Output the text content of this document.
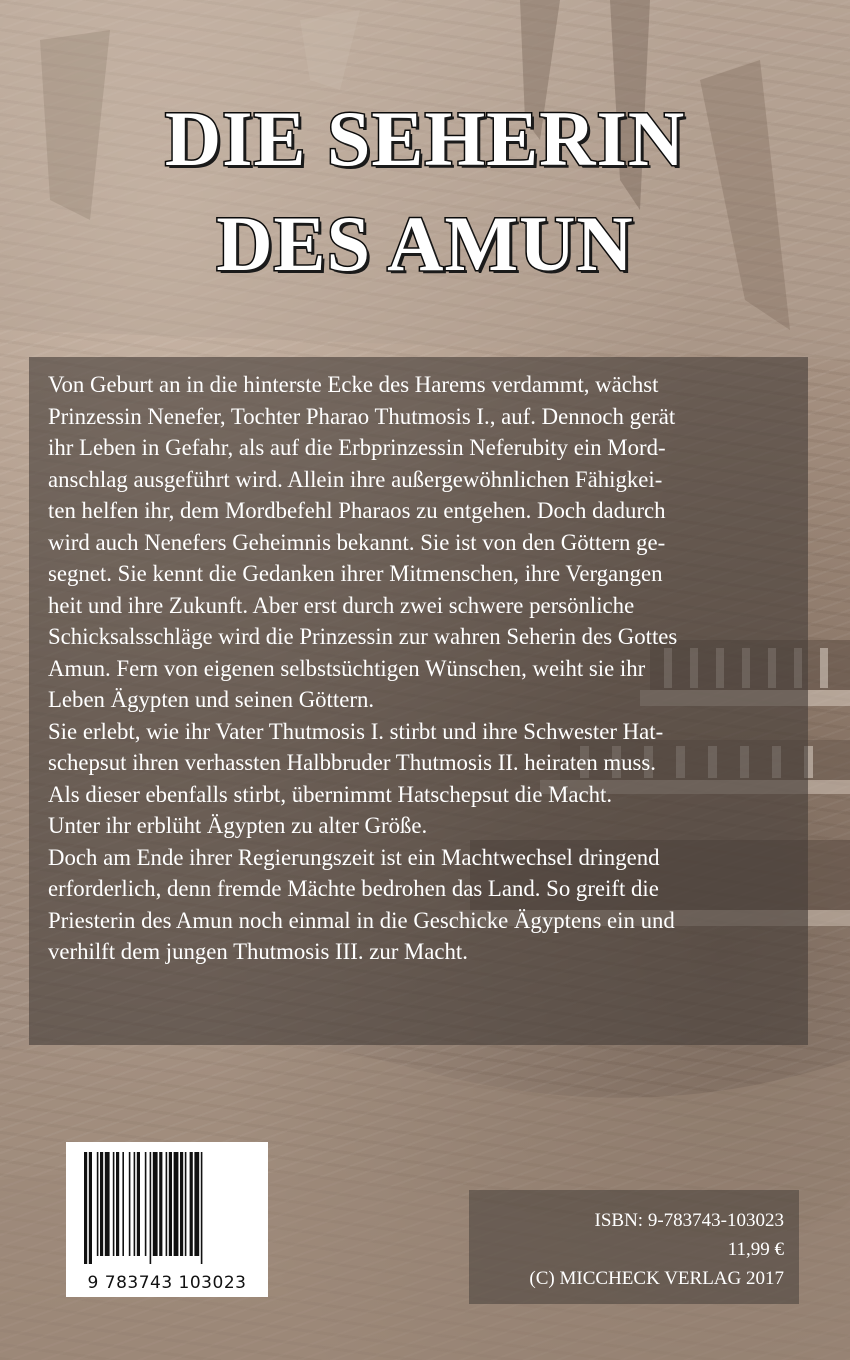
DIE SEHERIN
DES AMUN

Von Geburt an in die hinterste Ecke des Harems verdammt, wächst

Prinzessin Nenefer, Tochter Pharao Thutmosis I., auf. Dennoch gerät

ihr Leben in Gefahr, als auf die Erbprinzessin Neferubity ein Mord-

anschlag ausgeführt wird. Allein ihre außergewöhnlichen Fähigkei-

ten helfen ihr, dem Mordbefehl Pharaos zu entgehen. Doch dadurch

wird auch Nenefers Geheimnis bekannt. Sie ist von den Göttern ge-

segnet. Sie kennt die Gedanken ihrer Mitmenschen, ihre Vergangen

heit und ihre Zukunft. Aber erst durch zwei schwere persönliche

Schicksalsschläge wird die Prinzessin zur wahren Seherin des Gottes

Amun. Fern von eigenen selbstsüchtigen Wünschen, weiht sie ihr

Leben Ägypten und seinen Göttern.

Sie erlebt, wie ihr Vater Thutmosis I. stirbt und ihre Schwester Hat-

schepsut ihren verhassten Halbbruder Thutmosis II. heiraten muss.

Als dieser ebenfalls stirbt, übernimmt Hatschepsut die Macht.

Unter ihr erblüht Ägypten zu alter Größe.

Doch am Ende ihrer Regierungszeit ist ein Machtwechsel dringend

erforderlich, denn fremde Mächte bedrohen das Land. So greift die

Priesterin des Amun noch einmal in die Geschicke Ägyptens ein und

verhilft dem jungen Thutmosis III. zur Macht.

9 783743 103023
ISBN: 9-783743-103023
11,99 €
(C) MICCHECK VERLAG 2017
